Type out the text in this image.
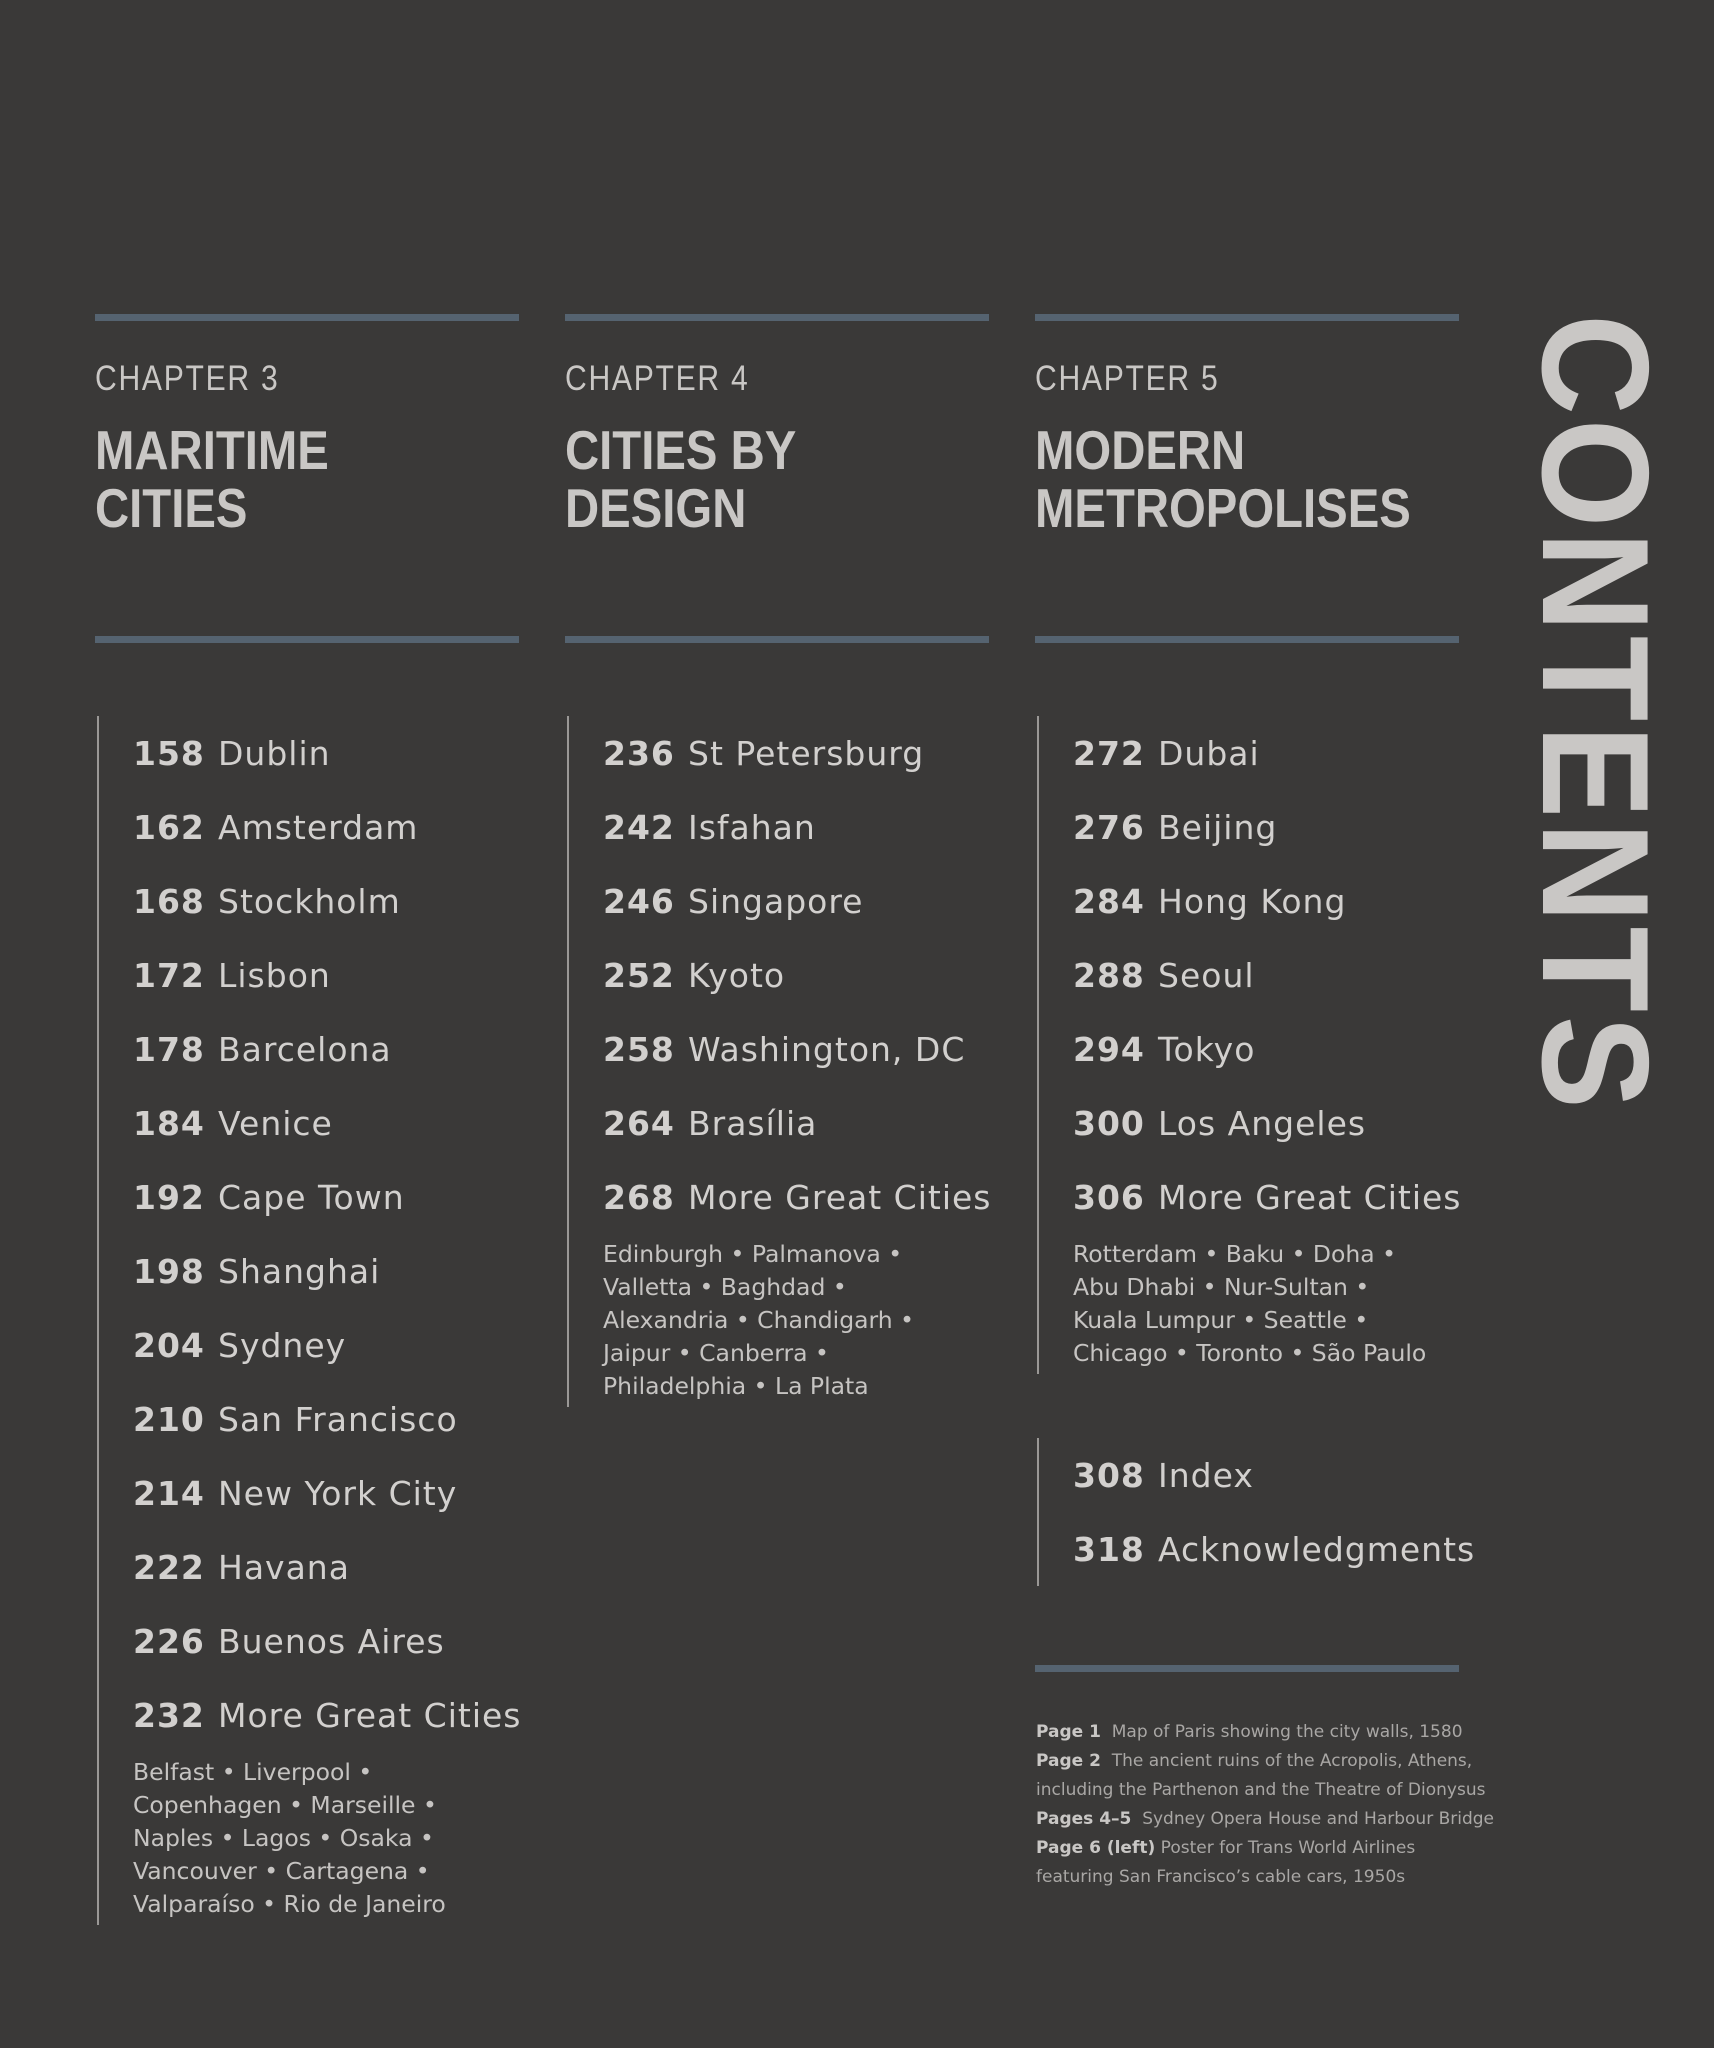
CHAPTER 3
MARITIME CITIES
158 Dublin
162 Amsterdam
168 Stockholm
172 Lisbon
178 Barcelona
184 Venice
192 Cape Town
198 Shanghai
204 Sydney
210 San Francisco
214 New York City
222 Havana
226 Buenos Aires
232 More Great Cities
Belfast • Liverpool •
Copenhagen • Marseille •
Naples • Lagos • Osaka •
Vancouver • Cartagena •
Valparaíso • Rio de Janeiro
CHAPTER 4
CITIES BY DESIGN
236 St Petersburg
242 Isfahan
246 Singapore
252 Kyoto
258 Washington, DC
264 Brasília
268 More Great Cities
Edinburgh • Palmanova •
Valletta • Baghdad •
Alexandria • Chandigarh •
Jaipur • Canberra •
Philadelphia • La Plata
CHAPTER 5
MODERN
METROPOLISES
272 Dubai
276 Beijing
284 Hong Kong
288 Seoul
294 Tokyo
300 Los Angeles
306 More Great Cities
Rotterdam • Baku • Doha •
Abu Dhabi • Nur-Sultan •
Kuala Lumpur • Seattle •
Chicago • Toronto • São Paulo
308 Index
318 Acknowledgments
Page 1 Map of Paris showing the city walls, 1580
Page 2 The ancient ruins of the Acropolis, Athens, including the Parthenon and the Theatre of Dionysus
Pages 4–5 Sydney Opera House and Harbour Bridge
Page 6 (left) Poster for Trans World Airlines featuring San Francisco’s cable cars, 1950s
CONTENTS
